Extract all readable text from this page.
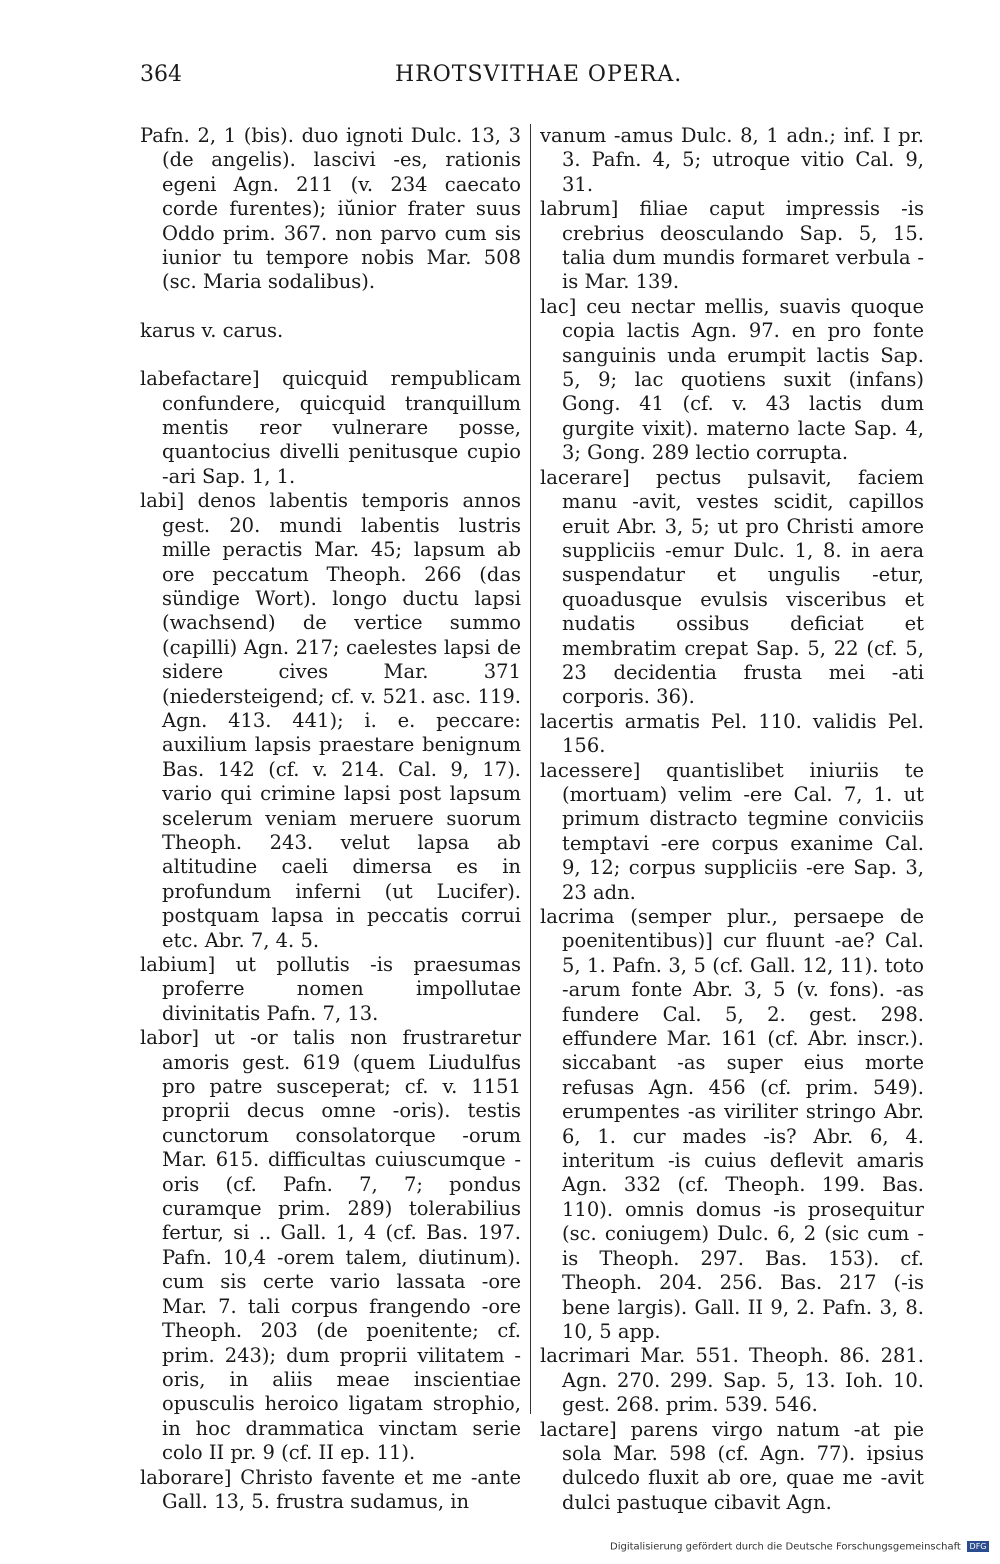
364	HROTSVITHAE OPERA.

Pafn. 2, 1 (bis). duo ignoti Dulc. 13, 3 (de angelis). lascivi -es, rationis egeni Agn. 211 (v. 234 caecato corde furentes); iŭnior frater suus Oddo prim. 367. non parvo cum sis iunior tu tempore nobis Mar. 508 (sc. Maria sodalibus).

karus v. carus.

labefactare] quicquid rempublicam confundere, quicquid tranquillum mentis reor vulnerare posse, quantocius divelli penitusque cupio -ari Sap. 1, 1.

labi] denos labentis temporis annos gest. 20. mundi labentis lustris mille peractis Mar. 45; lapsum ab ore peccatum Theoph. 266 (das sündige Wort). longo ductu lapsi (wachsend) de vertice summo (capilli) Agn. 217; caelestes lapsi de sidere cives Mar. 371 (niedersteigend; cf. v. 521. asc. 119. Agn. 413. 441); i. e. peccare: auxilium lapsis praestare benignum Bas. 142 (cf. v. 214. Cal. 9, 17). vario qui crimine lapsi post lapsum scelerum veniam meruere suorum Theoph. 243. velut lapsa ab altitudine caeli dimersa es in profundum inferni (ut Lucifer). postquam lapsa in peccatis corrui etc. Abr. 7, 4. 5.

labium] ut pollutis -is praesumas proferre nomen impollutae divinitatis Pafn. 7, 13.

labor] ut -or talis non frustraretur amoris gest. 619 (quem Liudulfus pro patre susceperat; cf. v. 1151 proprii decus omne -oris). testis cunctorum consolatorque -orum Mar. 615. difficultas cuiuscumque -oris (cf. Pafn. 7, 7; pondus curamque prim. 289) tolerabilius fertur, si .. Gall. 1, 4 (cf. Bas. 197. Pafn. 10,4 -orem talem, diutinum). cum sis certe vario lassata -ore Mar. 7. tali corpus frangendo -ore Theoph. 203 (de poenitente; cf. prim. 243); dum proprii vilitatem -oris, in aliis meae inscientiae opusculis heroico ligatam strophio, in hoc drammatica vinctam serie colo II pr. 9 (cf. II ep. 11).

laborare] Christo favente et me -ante Gall. 13, 5. frustra sudamus, in

vanum -amus Dulc. 8, 1 adn.; inf. I pr. 3. Pafn. 4, 5; utroque vitio Cal. 9, 31.

labrum] filiae caput impressis -is crebrius deosculando Sap. 5, 15. talia dum mundis formaret verbula -is Mar. 139.

lac] ceu nectar mellis, suavis quoque copia lactis Agn. 97. en pro fonte sanguinis unda erumpit lactis Sap. 5, 9; lac quotiens suxit (infans) Gong. 41 (cf. v. 43 lactis dum gurgite vixit). materno lacte Sap. 4, 3; Gong. 289 lectio corrupta.

lacerare] pectus pulsavit, faciem manu -avit, vestes scidit, capillos eruit Abr. 3, 5; ut pro Christi amore suppliciis -emur Dulc. 1, 8. in aera suspendatur et ungulis -etur, quoadusque evulsis visceribus et nudatis ossibus deficiat et membratim crepat Sap. 5, 22 (cf. 5, 23 decidentia frusta mei -ati corporis. 36).

lacertis armatis Pel. 110. validis Pel. 156.

lacessere] quantislibet iniuriis te (mortuam) velim -ere Cal. 7, 1. ut primum distracto tegmine conviciis temptavi -ere corpus exanime Cal. 9, 12; corpus suppliciis -ere Sap. 3, 23 adn.

lacrima (semper plur., persaepe de poenitentibus)] cur fluunt -ae? Cal. 5, 1. Pafn. 3, 5 (cf. Gall. 12, 11). toto -arum fonte Abr. 3, 5 (v. fons). -as fundere Cal. 5, 2. gest. 298. effundere Mar. 161 (cf. Abr. inscr.). siccabant -as super eius morte refusas Agn. 456 (cf. prim. 549). erumpentes -as viriliter stringo Abr. 6, 1. cur mades -is? Abr. 6, 4. interitum -is cuius deflevit amaris Agn. 332 (cf. Theoph. 199. Bas. 110). omnis domus -is prosequitur (sc. coniugem) Dulc. 6, 2 (sic cum -is Theoph. 297. Bas. 153). cf. Theoph. 204. 256. Bas. 217 (-is bene largis). Gall. II 9, 2. Pafn. 3, 8. 10, 5 app.

lacrimari Mar. 551. Theoph. 86. 281. Agn. 270. 299. Sap. 5, 13. Ioh. 10. gest. 268. prim. 539. 546.

lactare] parens virgo natum -at pie sola Mar. 598 (cf. Agn. 77). ipsius dulcedo fluxit ab ore, quae me -avit dulci pastuque cibavit Agn.

Digitalisierung gefördert durch die Deutsche Forschungsgemeinschaft DFG
